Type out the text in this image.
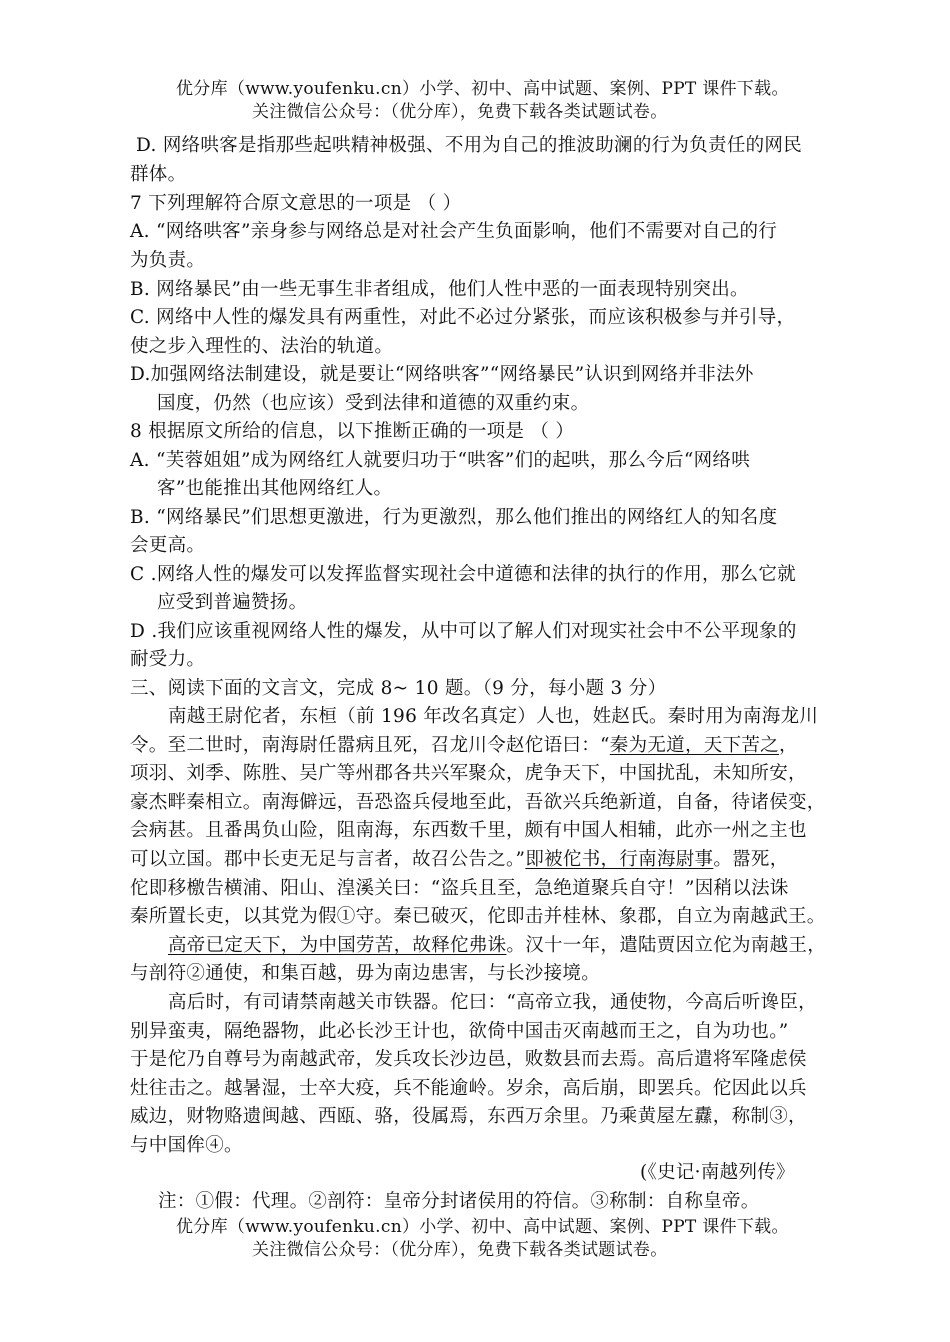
优分库（www.youfenku.cn）小学、初中、高中试题、案例、PPT 课件下载。
关注微信公众号：（优分库），免费下载各类试题试卷。
D. 网络哄客是指那些起哄精神极强、不用为自己的推波助澜的行为负责任的网民
群体。
7 下列理解符合原文意思的一项是 （ ）
A. “网络哄客”亲身参与网络总是对社会产生负面影响，他们不需要对自己的行
为负责。
B. 网络暴民”由一些无事生非者组成，他们人性中恶的一面表现特别突出。
C. 网络中人性的爆发具有两重性，对此不必过分紧张，而应该积极参与并引导，
使之步入理性的、法治的轨道。
D.加强网络法制建设，就是要让“网络哄客”“网络暴民”认识到网络并非法外
国度，仍然（也应该）受到法律和道德的双重约束。
8 根据原文所给的信息，以下推断正确的一项是 （ ）
A. “芙蓉姐姐”成为网络红人就要归功于“哄客”们的起哄，那么今后“网络哄
客”也能推出其他网络红人。
B. “网络暴民”们思想更激进，行为更激烈，那么他们推出的网络红人的知名度
会更高。
C .网络人性的爆发可以发挥监督实现社会中道德和法律的执行的作用，那么它就
应受到普遍赞扬。
D .我们应该重视网络人性的爆发，从中可以了解人们对现实社会中不公平现象的
耐受力。
三、阅读下面的文言文，完成 8~ 10 题。（9 分，每小题 3 分）
南越王尉佗者，东桓（前 196 年改名真定）人也，姓赵氏。秦时用为南海龙川
令。至二世时，南海尉任嚣病且死，召龙川令赵佗语曰：“秦为无道，天下苦之，
项羽、刘季、陈胜、吴广等州郡各共兴军聚众，虎争天下，中国扰乱，未知所安，
豪杰畔秦相立。南海僻远，吾恐盗兵侵地至此，吾欲兴兵绝新道，自备，待诸侯变，
会病甚。且番禺负山险，阻南海，东西数千里，颇有中国人相辅，此亦一州之主也
可以立国。郡中长吏无足与言者，故召公告之。”即被佗书，行南海尉事。嚣死，
佗即移檄告横浦、阳山、湟溪关曰：“盗兵且至，急绝道聚兵自守！”因稍以法诛
秦所置长吏，以其党为假①守。秦已破灭，佗即击并桂林、象郡，自立为南越武王。
高帝已定天下，为中国劳苦，故释佗弗诛。汉十一年，遣陆贾因立佗为南越王，
与剖符②通使，和集百越，毋为南边患害，与长沙接境。
高后时，有司请禁南越关市铁器。佗曰：“高帝立我，通使物，今高后听谗臣，
别异蛮夷，隔绝器物，此必长沙王计也，欲倚中国击灭南越而王之，自为功也。”
于是佗乃自尊号为南越武帝，发兵攻长沙边邑，败数县而去焉。高后遣将军隆虑侯
灶往击之。越暑湿，士卒大疫，兵不能逾岭。岁余，高后崩，即罢兵。佗因此以兵
威边，财物赂遗闽越、西瓯、骆，役属焉，东西万余里。乃乘黄屋左纛，称制③，
与中国侔④。
(《史记·南越列传》
注：①假：代理。②剖符：皇帝分封诸侯用的符信。③称制：自称皇帝。
优分库（www.youfenku.cn）小学、初中、高中试题、案例、PPT 课件下载。
关注微信公众号：（优分库），免费下载各类试题试卷。
